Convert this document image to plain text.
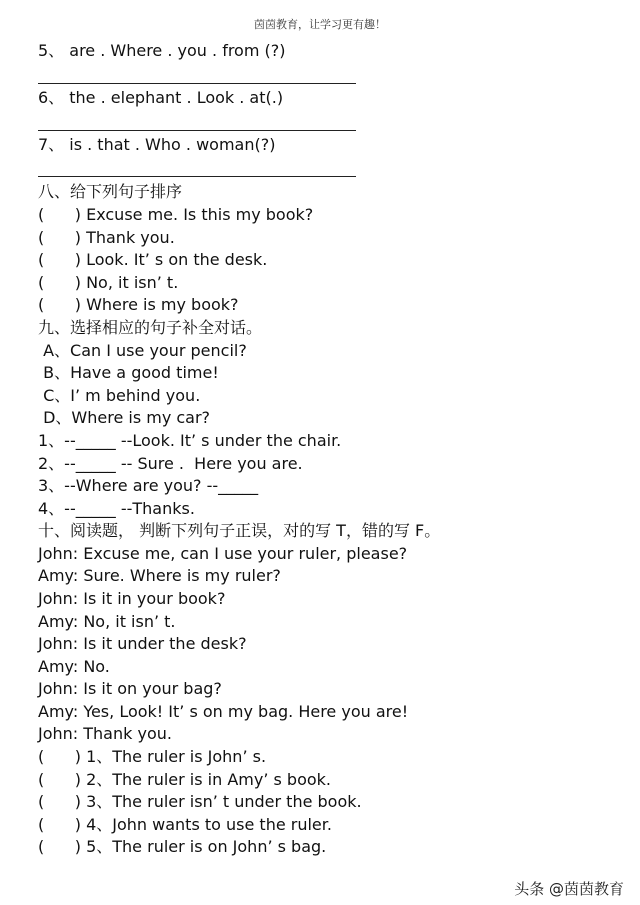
茵茵教育，让学习更有趣！
5、 are . Where . you . from (?)
6、 the . elephant . Look . at(.)
7、 is . that . Who . woman(?)
八、给下列句子排序
(      ) Excuse me. Is this my book?
(      ) Thank you.
(      ) Look. It’ s on the desk.
(      ) No, it isn’ t.
(      ) Where is my book?
九、选择相应的句子补全对话。
A、Can I use your pencil?
B、Have a good time!
C、I’ m behind you.
D、Where is my car?
1、--_____ --Look. It’ s under the chair.
2、--_____ -- Sure .  Here you are.
3、--Where are you? --_____
4、--_____ --Thanks.
十、阅读题， 判断下列句子正误，对的写 T，错的写 F。
John: Excuse me, can I use your ruler, please?
Amy: Sure. Where is my ruler?
John: Is it in your book?
Amy: No, it isn’ t.
John: Is it under the desk?
Amy: No.
John: Is it on your bag?
Amy: Yes, Look! It’ s on my bag. Here you are!
John: Thank you.
(      ) 1、The ruler is John’ s.
(      ) 2、The ruler is in Amy’ s book.
(      ) 3、The ruler isn’ t under the book.
(      ) 4、John wants to use the ruler.
(      ) 5、The ruler is on John’ s bag.
头条 @茵茵教育
